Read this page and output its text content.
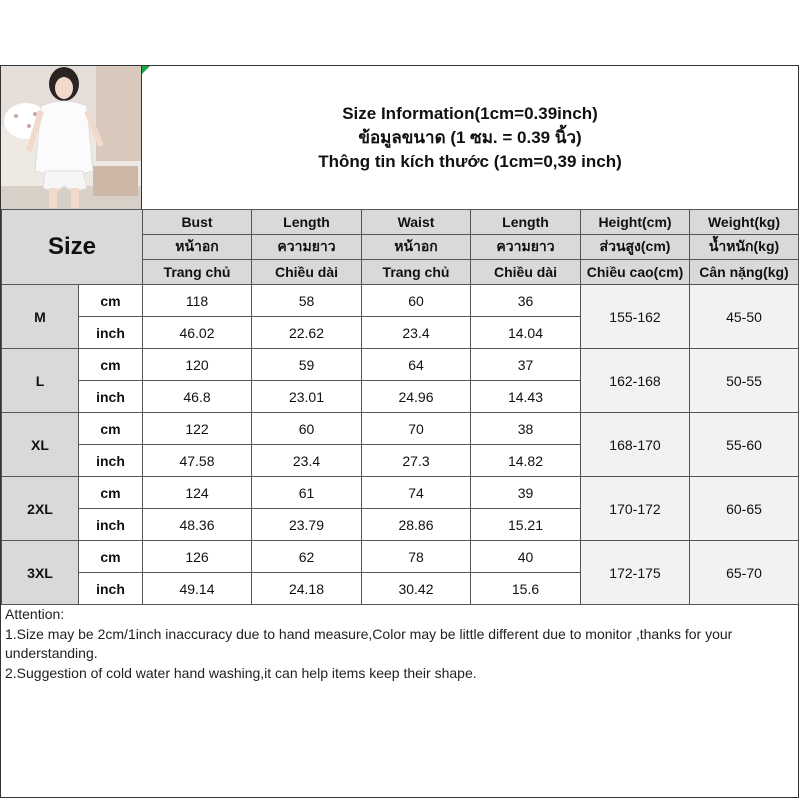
Size Information(1cm=0.39inch)
ข้อมูลขนาด (1 ซม. = 0.39 นิ้ว)
Thông tin kích thước (1cm=0,39 inch)
Size		Bust	Length	Waist	Length	Height(cm)	Weight(kg)
		หน้าอก	ความยาว	หน้าอก	ความยาว	ส่วนสูง(cm)	น้ำหนัก(kg)
		Trang chủ	Chiều dài	Trang chủ	Chiều dài	Chiều cao(cm)	Cân nặng(kg)
M	cm	118	58	60	36	155-162	45-50
	inch	46.02	22.62	23.4	14.04		
L	cm	120	59	64	37	162-168	50-55
	inch	46.8	23.01	24.96	14.43		
XL	cm	122	60	70	38	168-170	55-60
	inch	47.58	23.4	27.3	14.82		
2XL	cm	124	61	74	39	170-172	60-65
	inch	48.36	23.79	28.86	15.21		
3XL	cm	126	62	78	40	172-175	65-70
	inch	49.14	24.18	30.42	15.6		
Attention:
1.Size may be 2cm/1inch inaccuracy due to hand measure,Color may be little different due to monitor ,thanks for your
understanding.
2.Suggestion of cold water hand washing,it can help items keep their shape.
